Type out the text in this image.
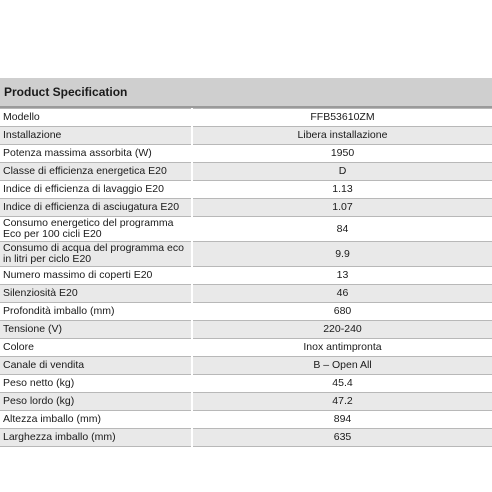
Product Specification
Modello	FFB53610ZM
Installazione	Libera installazione
Potenza massima assorbita (W)	1950
Classe di efficienza energetica E20	D
Indice di efficienza di lavaggio E20	1.13
Indice di efficienza di asciugatura E20	1.07
Consumo energetico del programma Eco per 100 cicli E20	84
Consumo di acqua del programma eco in litri per ciclo E20	9.9
Numero massimo di coperti E20	13
Silenziosità E20	46
Profondità imballo (mm)	680
Tensione (V)	220-240
Colore	Inox antimpronta
Canale di vendita	B – Open All
Peso netto (kg)	45.4
Peso lordo (kg)	47.2
Altezza imballo (mm)	894
Larghezza imballo (mm)	635
